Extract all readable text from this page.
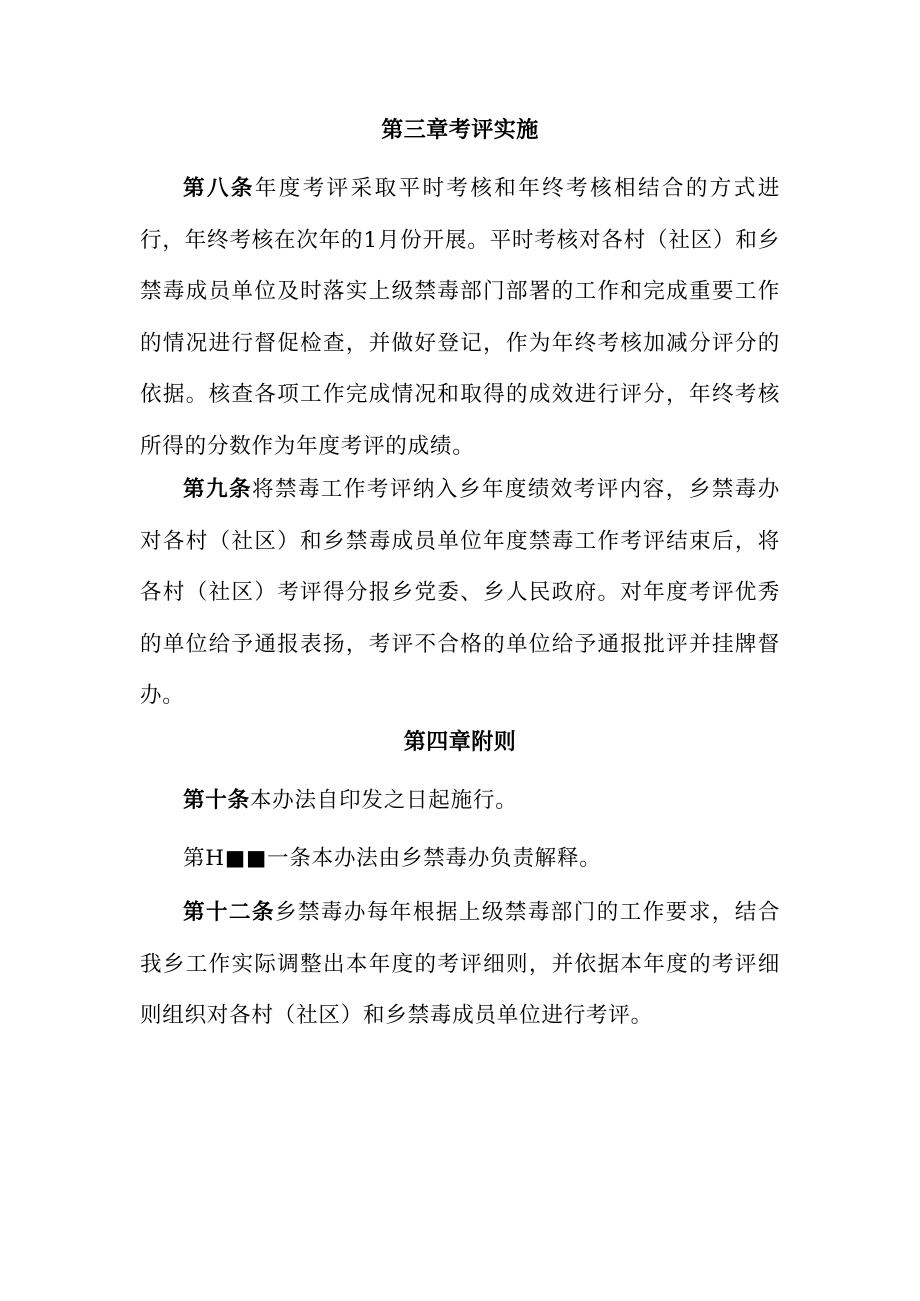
第三章考评实施
第八条年度考评采取平时考核和年终考核相结合的方式进行，年终考核在次年的1月份开展。平时考核对各村（社区）和乡禁毒成员单位及时落实上级禁毒部门部署的工作和完成重要工作的情况进行督促检查，并做好登记，作为年终考核加减分评分的依据。核查各项工作完成情况和取得的成效进行评分，年终考核所得的分数作为年度考评的成绩。
第九条将禁毒工作考评纳入乡年度绩效考评内容，乡禁毒办对各村（社区）和乡禁毒成员单位年度禁毒工作考评结束后，将各村（社区）考评得分报乡党委、乡人民政府。对年度考评优秀的单位给予通报表扬，考评不合格的单位给予通报批评并挂牌督办。
第四章附则
第十条本办法自印发之日起施行。
第H■■一条本办法由乡禁毒办负责解释。
第十二条乡禁毒办每年根据上级禁毒部门的工作要求，结合我乡工作实际调整出本年度的考评细则，并依据本年度的考评细则组织对各村（社区）和乡禁毒成员单位进行考评。
